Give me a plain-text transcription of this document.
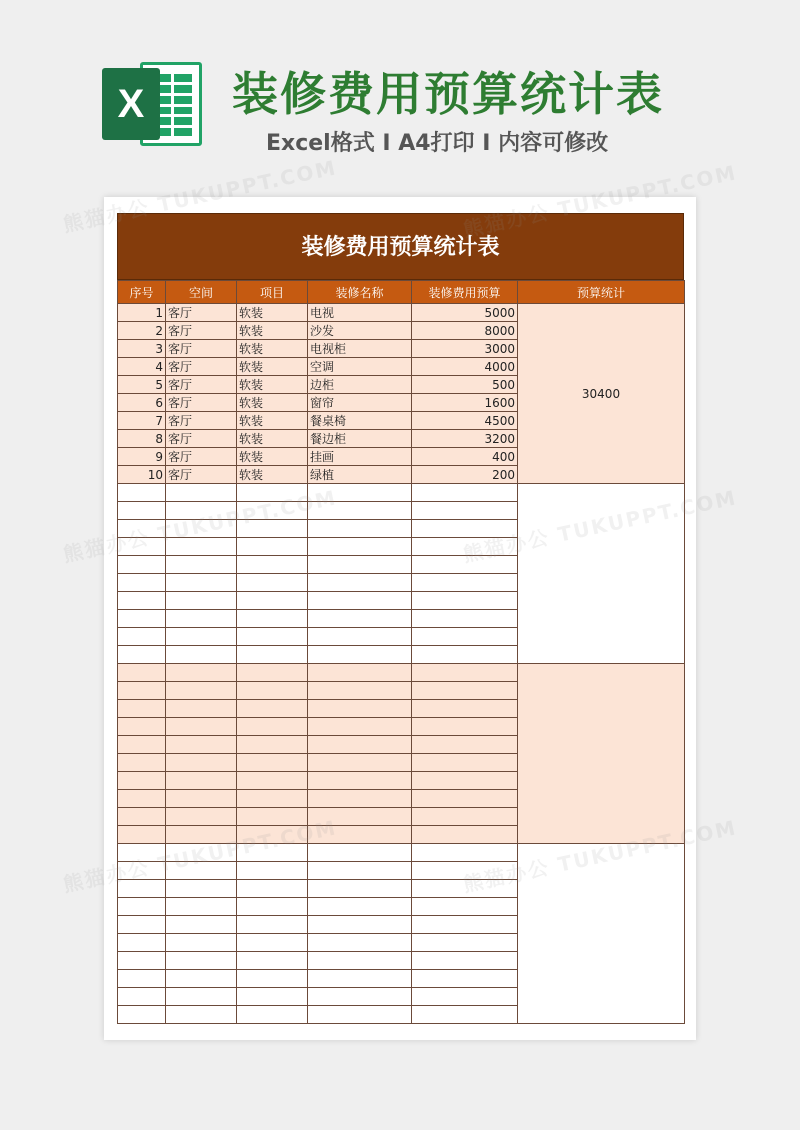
X	装修费用预算统计表
Excel格式 I A4打印 I 内容可修改
装修费用预算统计表
序号	空间	项目	装修名称	装修费用预算	预算统计
1	客厅	软装	电视	5000	30400
2	客厅	软装	沙发	8000	
3	客厅	软装	电视柜	3000	
4	客厅	软装	空调	4000	
5	客厅	软装	边柜	500	
6	客厅	软装	窗帘	1600	
7	客厅	软装	餐桌椅	4500	
8	客厅	软装	餐边柜	3200	
9	客厅	软装	挂画	400	
10	客厅	软装	绿植	200	

熊猫办公 TUKUPPT.COM	TUKUPPT.COM
